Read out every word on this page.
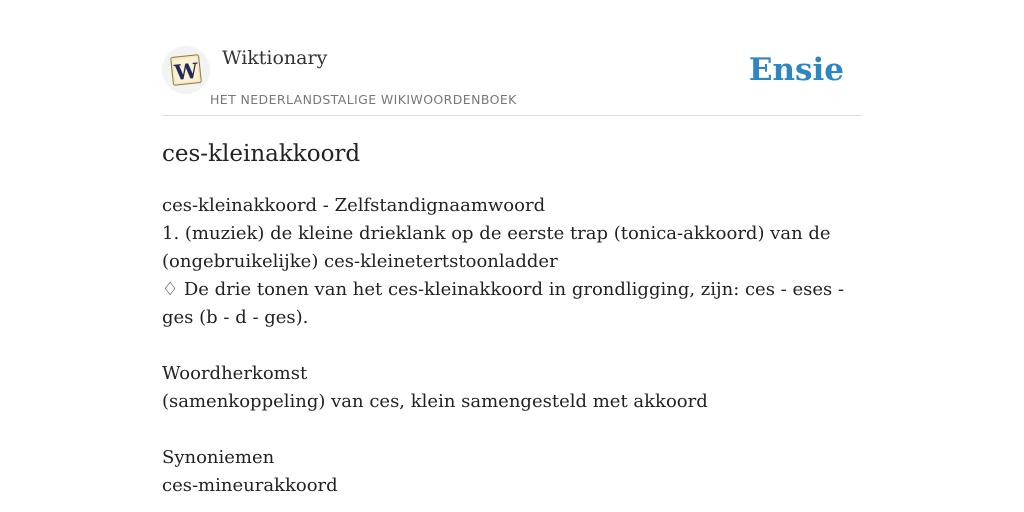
W Wiktionary
HET NEDERLANDSTALIGE WIKIWOORDENBOEK
Ensie
ces-kleinakkoord
ces-kleinakkoord - Zelfstandignaamwoord
1. (muziek) de kleine drieklank op de eerste trap (tonica-akkoord) van de (ongebruikelijke) ces-kleinetertstoonladder
♢ De drie tonen van het ces-kleinakkoord in grondligging, zijn: ces - eses - ges (b - d - ges).
Woordherkomst
(samenkoppeling) van ces, klein samengesteld met akkoord
Synoniemen
ces-mineurakkoord
